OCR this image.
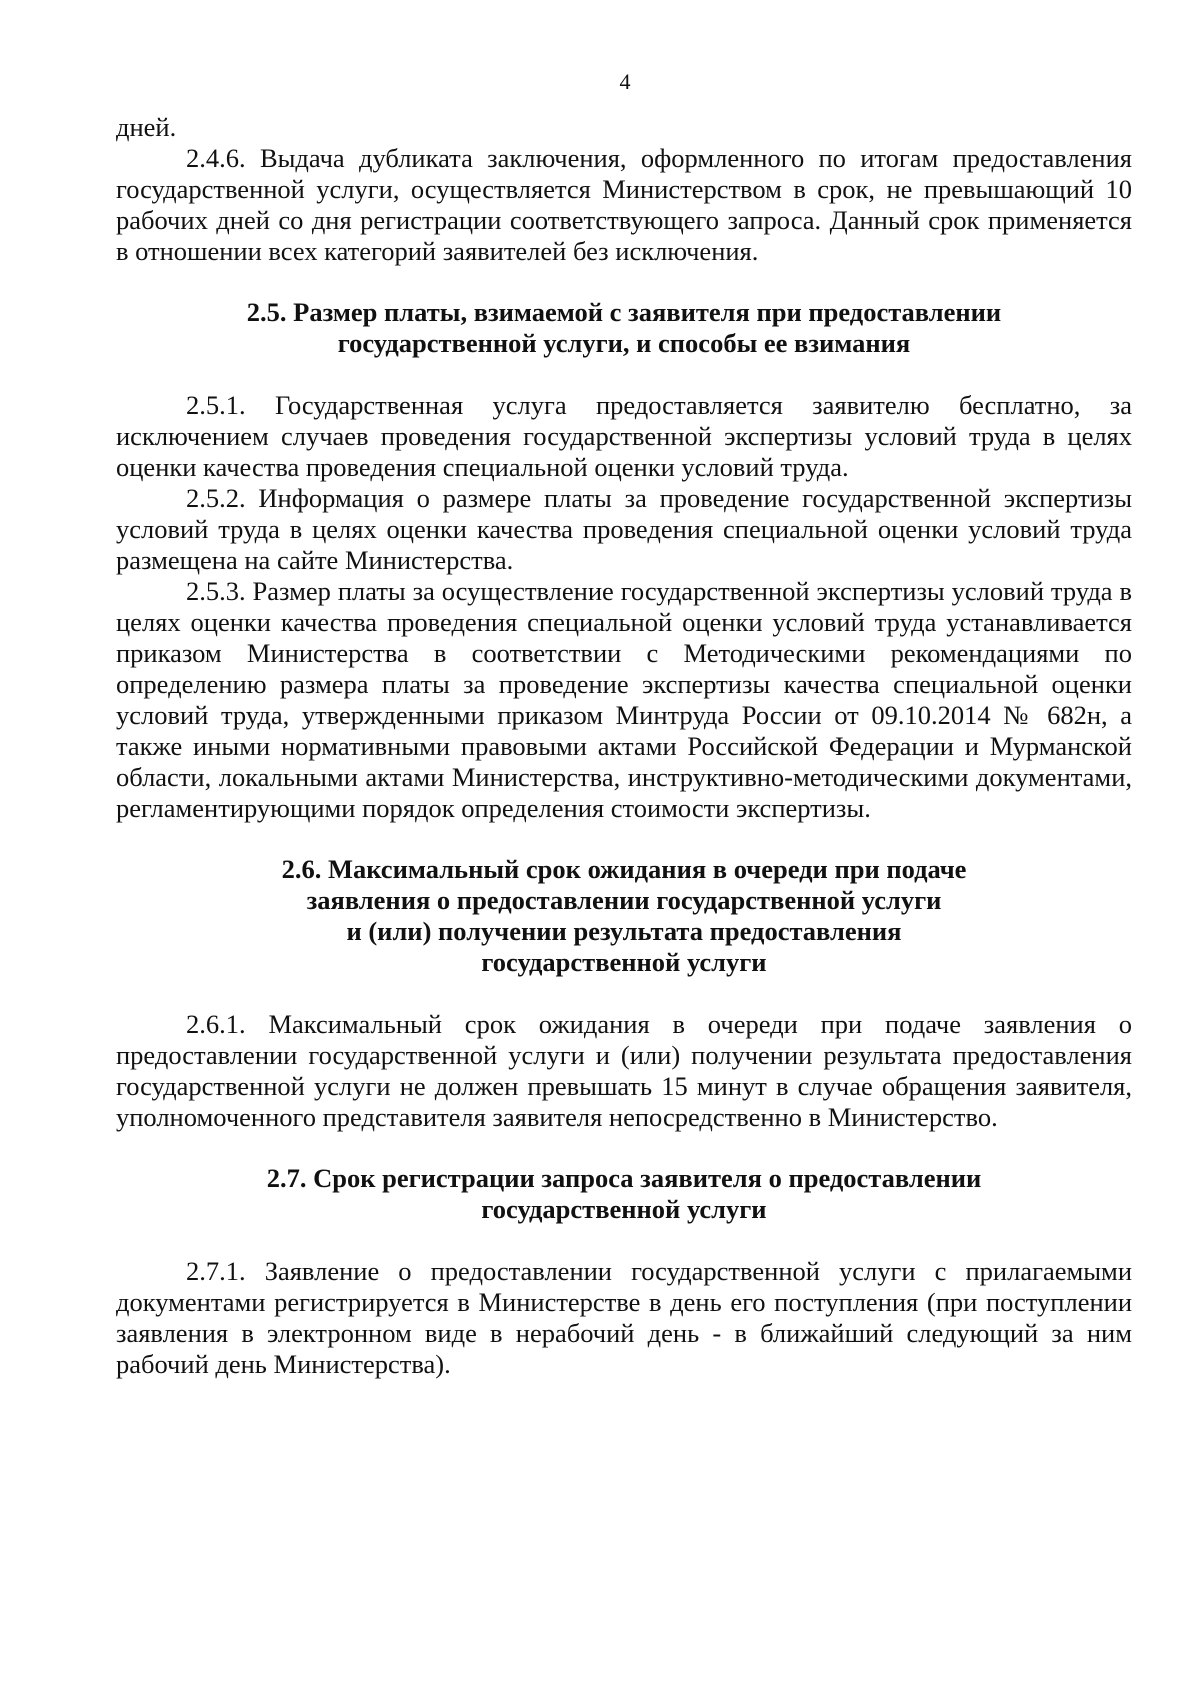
4

дней.

2.4.6. Выдача дубликата заключения, оформленного по итогам предоставления государственной услуги, осуществляется Министерством в срок, не превышающий 10 рабочих дней со дня регистрации соответствующего запроса. Данный срок применяется в отношении всех категорий заявителей без исключения.

2.5. Размер платы, взимаемой с заявителя при предоставлении
государственной услуги, и способы ее взимания

2.5.1. Государственная услуга предоставляется заявителю бесплатно, за исключением случаев проведения государственной экспертизы условий труда в целях оценки качества проведения специальной оценки условий труда.

2.5.2. Информация о размере платы за проведение государственной экспертизы условий труда в целях оценки качества проведения специальной оценки условий труда размещена на сайте Министерства.

2.5.3. Размер платы за осуществление государственной экспертизы условий труда в целях оценки качества проведения специальной оценки условий труда устанавливается приказом Министерства в соответствии с Методическими рекомендациями по определению размера платы за проведение экспертизы качества специальной оценки условий труда, утвержденными приказом Минтруда России от 09.10.2014 № 682н, а также иными нормативными правовыми актами Российской Федерации и Мурманской области, локальными актами Министерства, инструктивно-методическими документами, регламентирующими порядок определения стоимости экспертизы.

2.6. Максимальный срок ожидания в очереди при подаче
заявления о предоставлении государственной услуги
и (или) получении результата предоставления
государственной услуги

2.6.1. Максимальный срок ожидания в очереди при подаче заявления о предоставлении государственной услуги и (или) получении результата предоставления государственной услуги не должен превышать 15 минут в случае обращения заявителя, уполномоченного представителя заявителя непосредственно в Министерство.

2.7. Срок регистрации запроса заявителя о предоставлении
государственной услуги

2.7.1. Заявление о предоставлении государственной услуги с прилагаемыми документами регистрируется в Министерстве в день его поступления (при поступлении заявления в электронном виде в нерабочий день - в ближайший следующий за ним рабочий день Министерства).
